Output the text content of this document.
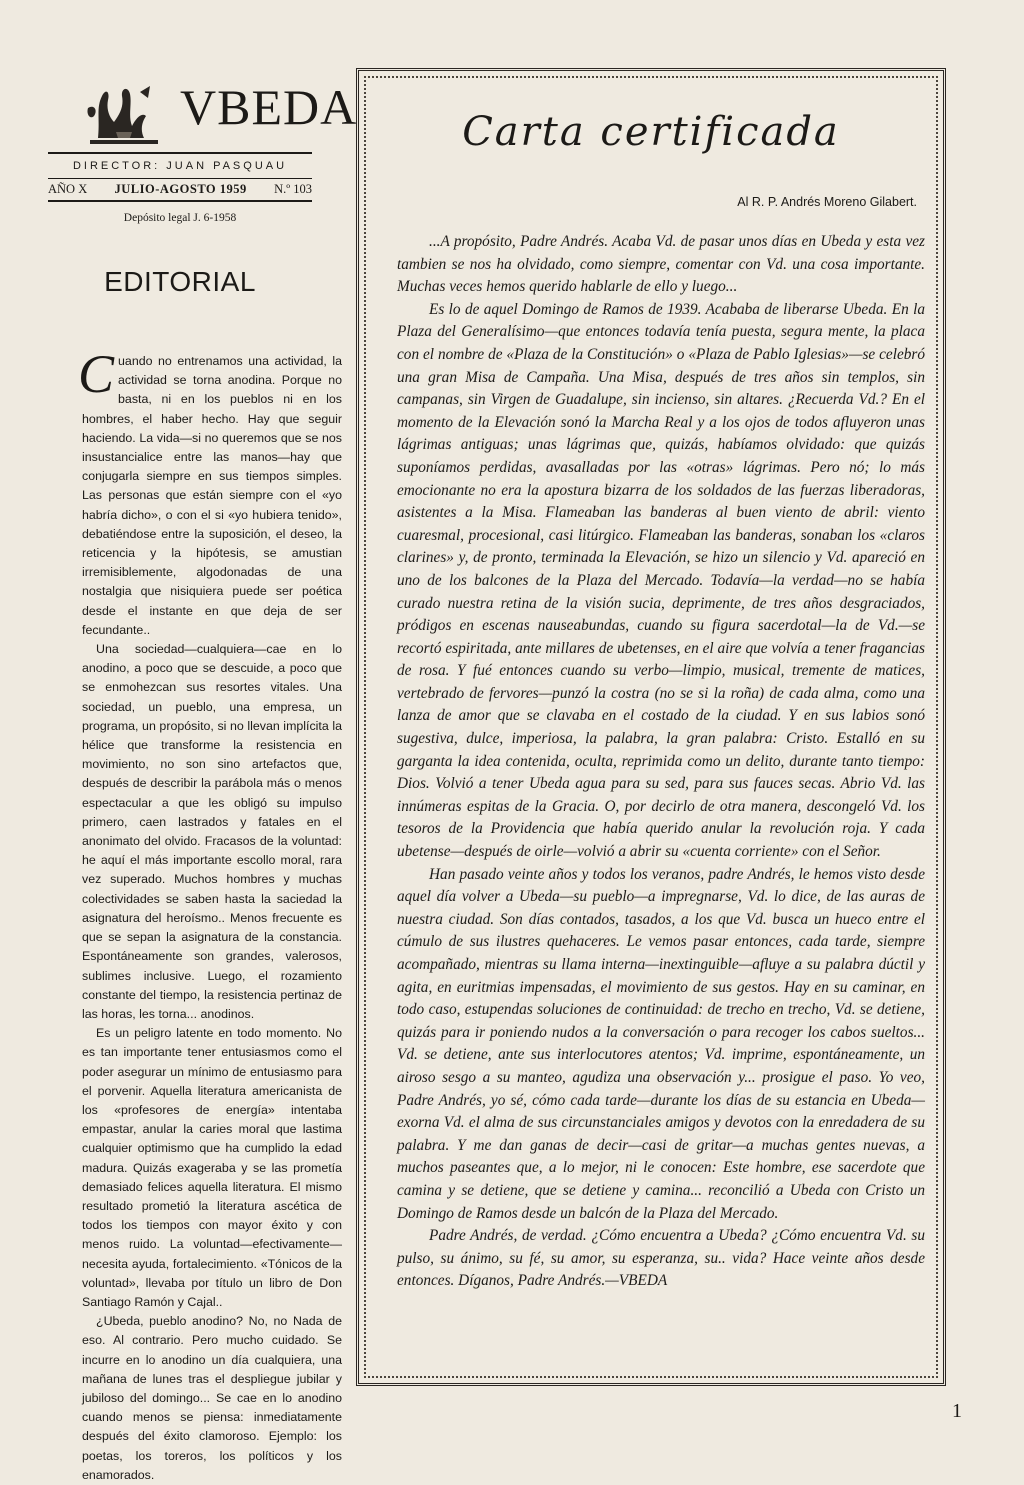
VBEDA
DIRECTOR: JUAN PASQUAU
AÑO X JULIO-AGOSTO 1959 N.º 103
Depósito legal J. 6-1958
EDITORIAL

Cuando no entrenamos una actividad, la actividad se torna anodina. Porque no basta, ni en los pueblos ni en los hombres, el haber hecho. Hay que seguir haciendo. La vida—si no queremos que se nos insustancialice entre las manos—hay que conjugarla siempre en sus tiempos simples. Las personas que están siempre con el «yo habría dicho», o con el si «yo hubiera tenido», debatiéndose entre la suposición, el deseo, la reticencia y la hipótesis, se amustian irremisiblemente, algodonadas de una nostalgia que nisiquiera puede ser poética desde el instante en que deja de ser fecundante..

Una sociedad—cualquiera—cae en lo anodino, a poco que se descuide, a poco que se enmohezcan sus resortes vitales. Una sociedad, un pueblo, una empresa, un programa, un propósito, si no llevan implícita la hélice que transforme la resistencia en movimiento, no son sino artefactos que, después de describir la parábola más o menos espectacular a que les obligó su impulso primero, caen lastrados y fatales en el anonimato del olvido. Fracasos de la voluntad: he aquí el más importante escollo moral, rara vez superado. Muchos hombres y muchas colectividades se saben hasta la saciedad la asignatura del heroísmo.. Menos frecuente es que se sepan la asignatura de la constancia. Espontáneamente son grandes, valerosos, sublimes inclusive. Luego, el rozamiento constante del tiempo, la resistencia pertinaz de las horas, les torna... anodinos.

Es un peligro latente en todo momento. No es tan importante tener entusiasmos como el poder asegurar un mínimo de entusiasmo para el porvenir. Aquella literatura americanista de los «profesores de energía» intentaba empastar, anular la caries moral que lastima cualquier optimismo que ha cumplido la edad madura. Quizás exageraba y se las prometía demasiado felices aquella literatura. El mismo resultado prometió la literatura ascética de todos los tiempos con mayor éxito y con menos ruido. La voluntad—efectivamente—necesita ayuda, fortalecimiento. «Tónicos de la voluntad», llevaba por título un libro de Don Santiago Ramón y Cajal..

¿Ubeda, pueblo anodino? No, no Nada de eso. Al contrario. Pero mucho cuidado. Se incurre en lo anodino un día cualquiera, una mañana de lunes tras el despliegue jubilar y jubiloso del domingo... Se cae en lo anodino cuando menos se piensa: inmediatamente después del éxito clamoroso. Ejemplo: los poetas, los toreros, los políticos y los enamorados.

Carta certificada
Al R. P. Andrés Moreno Gilabert.

...A propósito, Padre Andrés. Acaba Vd. de pasar unos días en Ubeda y esta vez tambien se nos ha olvidado, como siempre, comentar con Vd. una cosa importante. Muchas veces hemos querido hablarle de ello y luego...

Es lo de aquel Domingo de Ramos de 1939. Acababa de liberarse Ubeda. En la Plaza del Generalísimo—que entonces todavía tenía puesta, segura mente, la placa con el nombre de «Plaza de la Constitución» o «Plaza de Pablo Iglesias»—se celebró una gran Misa de Campaña. Una Misa, después de tres años sin templos, sin campanas, sin Virgen de Guadalupe, sin incienso, sin altares. ¿Recuerda Vd.? En el momento de la Elevación sonó la Marcha Real y a los ojos de todos afluyeron unas lágrimas antiguas; unas lágrimas que, quizás, habíamos olvidado: que quizás suponíamos perdidas, avasalladas por las «otras» lágrimas. Pero nó; lo más emocionante no era la apostura bizarra de los soldados de las fuerzas liberadoras, asistentes a la Misa. Flameaban las banderas al buen viento de abril: viento cuaresmal, procesional, casi litúrgico. Flameaban las banderas, sonaban los «claros clarines» y, de pronto, terminada la Elevación, se hizo un silencio y Vd. apareció en uno de los balcones de la Plaza del Mercado. Todavía—la verdad—no se había curado nuestra retina de la visión sucia, deprimente, de tres años desgraciados, pródigos en escenas nauseabundas, cuando su figura sacerdotal—la de Vd.—se recortó espiritada, ante millares de ubetenses, en el aire que volvía a tener fragancias de rosa. Y fué entonces cuando su verbo—limpio, musical, tremente de matices, vertebrado de fervores—punzó la costra (no se si la roña) de cada alma, como una lanza de amor que se clavaba en el costado de la ciudad. Y en sus labios sonó sugestiva, dulce, imperiosa, la palabra, la gran palabra: Cristo. Estalló en su garganta la idea contenida, oculta, reprimida como un delito, durante tanto tiempo: Dios. Volvió a tener Ubeda agua para su sed, para sus fauces secas. Abrio Vd. las innúmeras espitas de la Gracia. O, por decirlo de otra manera, descongeló Vd. los tesoros de la Providencia que había querido anular la revolución roja. Y cada ubetense—después de oirle—volvió a abrir su «cuenta corriente» con el Señor.

Han pasado veinte años y todos los veranos, padre Andrés, le hemos visto desde aquel día volver a Ubeda—su pueblo—a impregnarse, Vd. lo dice, de las auras de nuestra ciudad. Son días contados, tasados, a los que Vd. busca un hueco entre el cúmulo de sus ilustres quehaceres. Le vemos pasar entonces, cada tarde, siempre acompañado, mientras su llama interna—inextinguible—afluye a su palabra dúctil y agita, en euritmias impensadas, el movimiento de sus gestos. Hay en su caminar, en todo caso, estupendas soluciones de continuidad: de trecho en trecho, Vd. se detiene, quizás para ir poniendo nudos a la conversación o para recoger los cabos sueltos... Vd. se detiene, ante sus interlocutores atentos; Vd. imprime, espontáneamente, un airoso sesgo a su manteo, agudiza una observación y... prosigue el paso. Yo veo, Padre Andrés, yo sé, cómo cada tarde—durante los días de su estancia en Ubeda—exorna Vd. el alma de sus circunstanciales amigos y devotos con la enredadera de su palabra. Y me dan ganas de decir—casi de gritar—a muchas gentes nuevas, a muchos paseantes que, a lo mejor, ni le conocen: Este hombre, ese sacerdote que camina y se detiene, que se detiene y camina... reconcilió a Ubeda con Cristo un Domingo de Ramos desde un balcón de la Plaza del Mercado.

Padre Andrés, de verdad. ¿Cómo encuentra a Ubeda? ¿Cómo encuentra Vd. su pulso, su ánimo, su fé, su amor, su esperanza, su.. vida? Hace veinte años desde entonces. Díganos, Padre Andrés.—VBEDA

1
